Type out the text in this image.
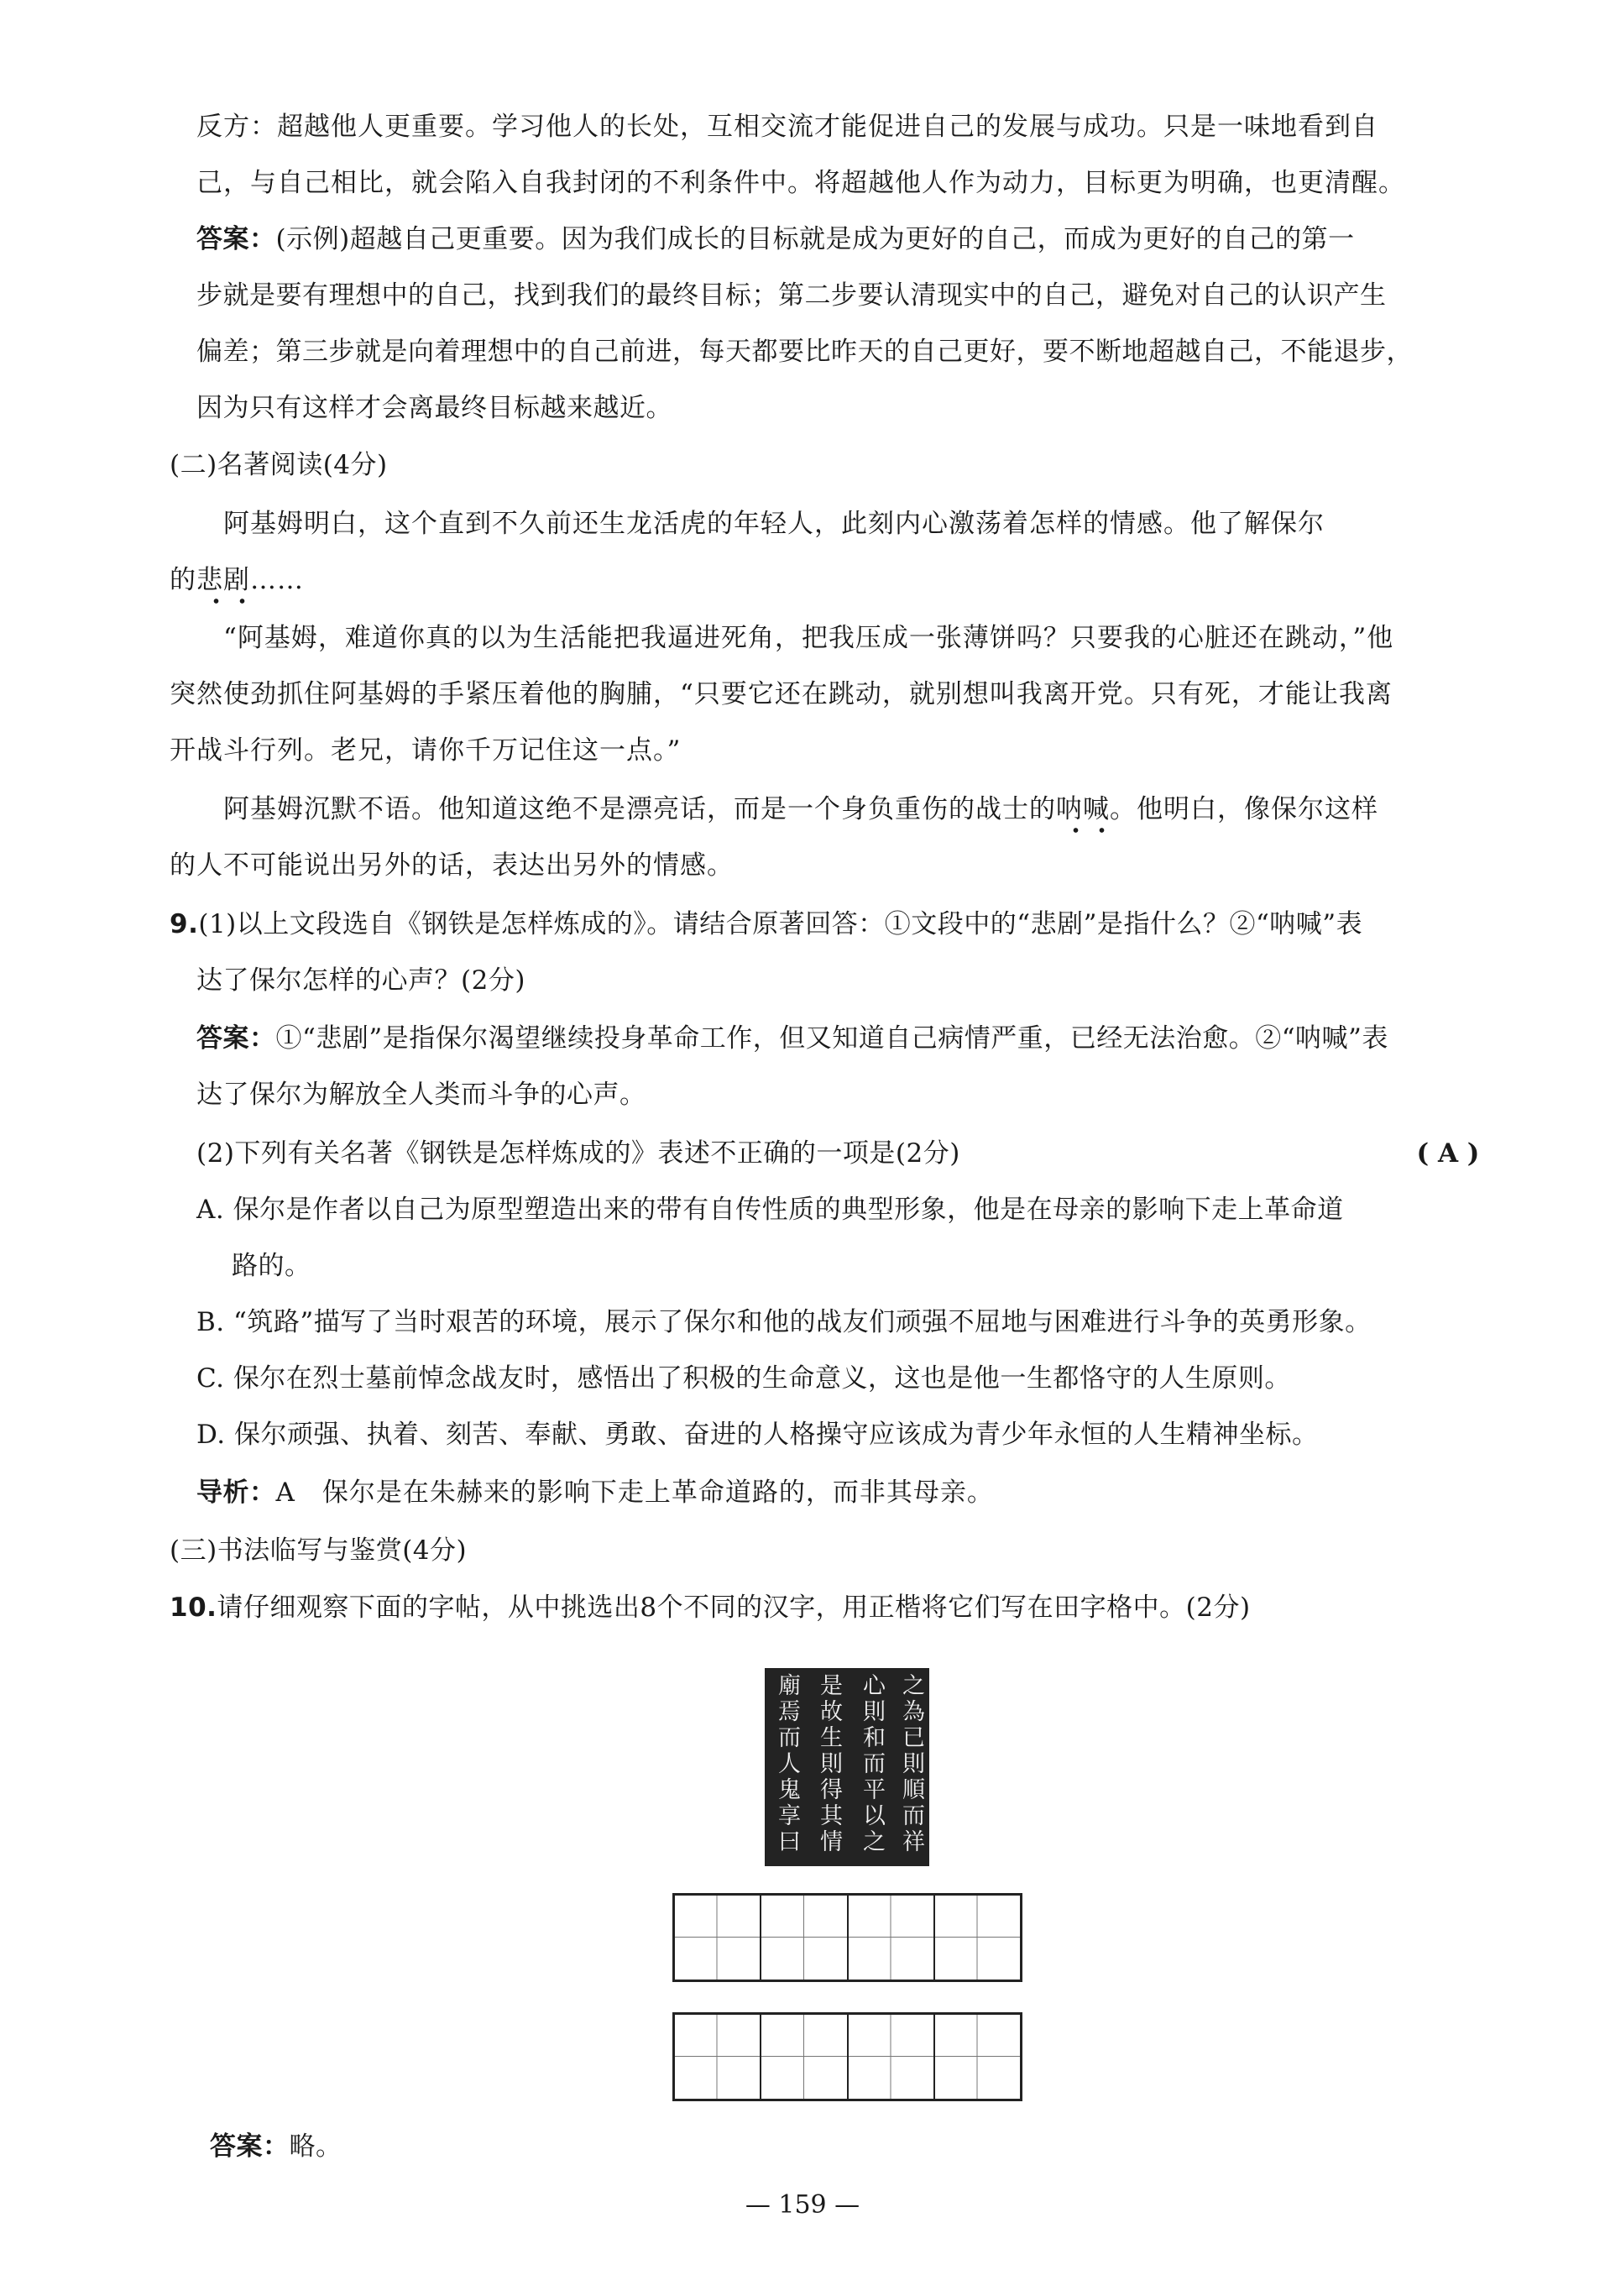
反方：超越他人更重要。学习他人的长处，互相交流才能促进自己的发展与成功。只是一味地看到自
己，与自己相比，就会陷入自我封闭的不利条件中。将超越他人作为动力，目标更为明确，也更清醒。
答案：(示例)超越自己更重要。因为我们成长的目标就是成为更好的自己，而成为更好的自己的第一
步就是要有理想中的自己，找到我们的最终目标；第二步要认清现实中的自己，避免对自己的认识产生
偏差；第三步就是向着理想中的自己前进，每天都要比昨天的自己更好，要不断地超越自己，不能退步，
因为只有这样才会离最终目标越来越近。
(二)名著阅读(4分)
阿基姆明白，这个直到不久前还生龙活虎的年轻人，此刻内心激荡着怎样的情感。他了解保尔
的悲剧……
“阿基姆，难道你真的以为生活能把我逼进死角，把我压成一张薄饼吗？只要我的心脏还在跳动，”他
突然使劲抓住阿基姆的手紧压着他的胸脯，“只要它还在跳动，就别想叫我离开党。只有死，才能让我离
开战斗行列。老兄，请你千万记住这一点。”
阿基姆沉默不语。他知道这绝不是漂亮话，而是一个身负重伤的战士的呐喊。他明白，像保尔这样
的人不可能说出另外的话，表达出另外的情感。
9.(1)以上文段选自《钢铁是怎样炼成的》。请结合原著回答：①文段中的“悲剧”是指什么？②“呐喊”表
达了保尔怎样的心声？(2分)
答案：①“悲剧”是指保尔渴望继续投身革命工作，但又知道自己病情严重，已经无法治愈。②“呐喊”表
达了保尔为解放全人类而斗争的心声。
(2)下列有关名著《钢铁是怎样炼成的》表述不正确的一项是(2分)	( A )
A. 保尔是作者以自己为原型塑造出来的带有自传性质的典型形象，他是在母亲的影响下走上革命道
路的。
B. “筑路”描写了当时艰苦的环境，展示了保尔和他的战友们顽强不屈地与困难进行斗争的英勇形象。
C. 保尔在烈士墓前悼念战友时，感悟出了积极的生命意义，这也是他一生都恪守的人生原则。
D. 保尔顽强、执着、刻苦、奉献、勇敢、奋进的人格操守应该成为青少年永恒的人生精神坐标。
导析：A　保尔是在朱赫来的影响下走上革命道路的，而非其母亲。
(三)书法临写与鉴赏(4分)
10.请仔细观察下面的字帖，从中挑选出8个不同的汉字，用正楷将它们写在田字格中。(2分)
之為已則順而祥
心則和而平以之
是故生則得其情
廟焉而人鬼享曰
答案：略。
— 159 —
